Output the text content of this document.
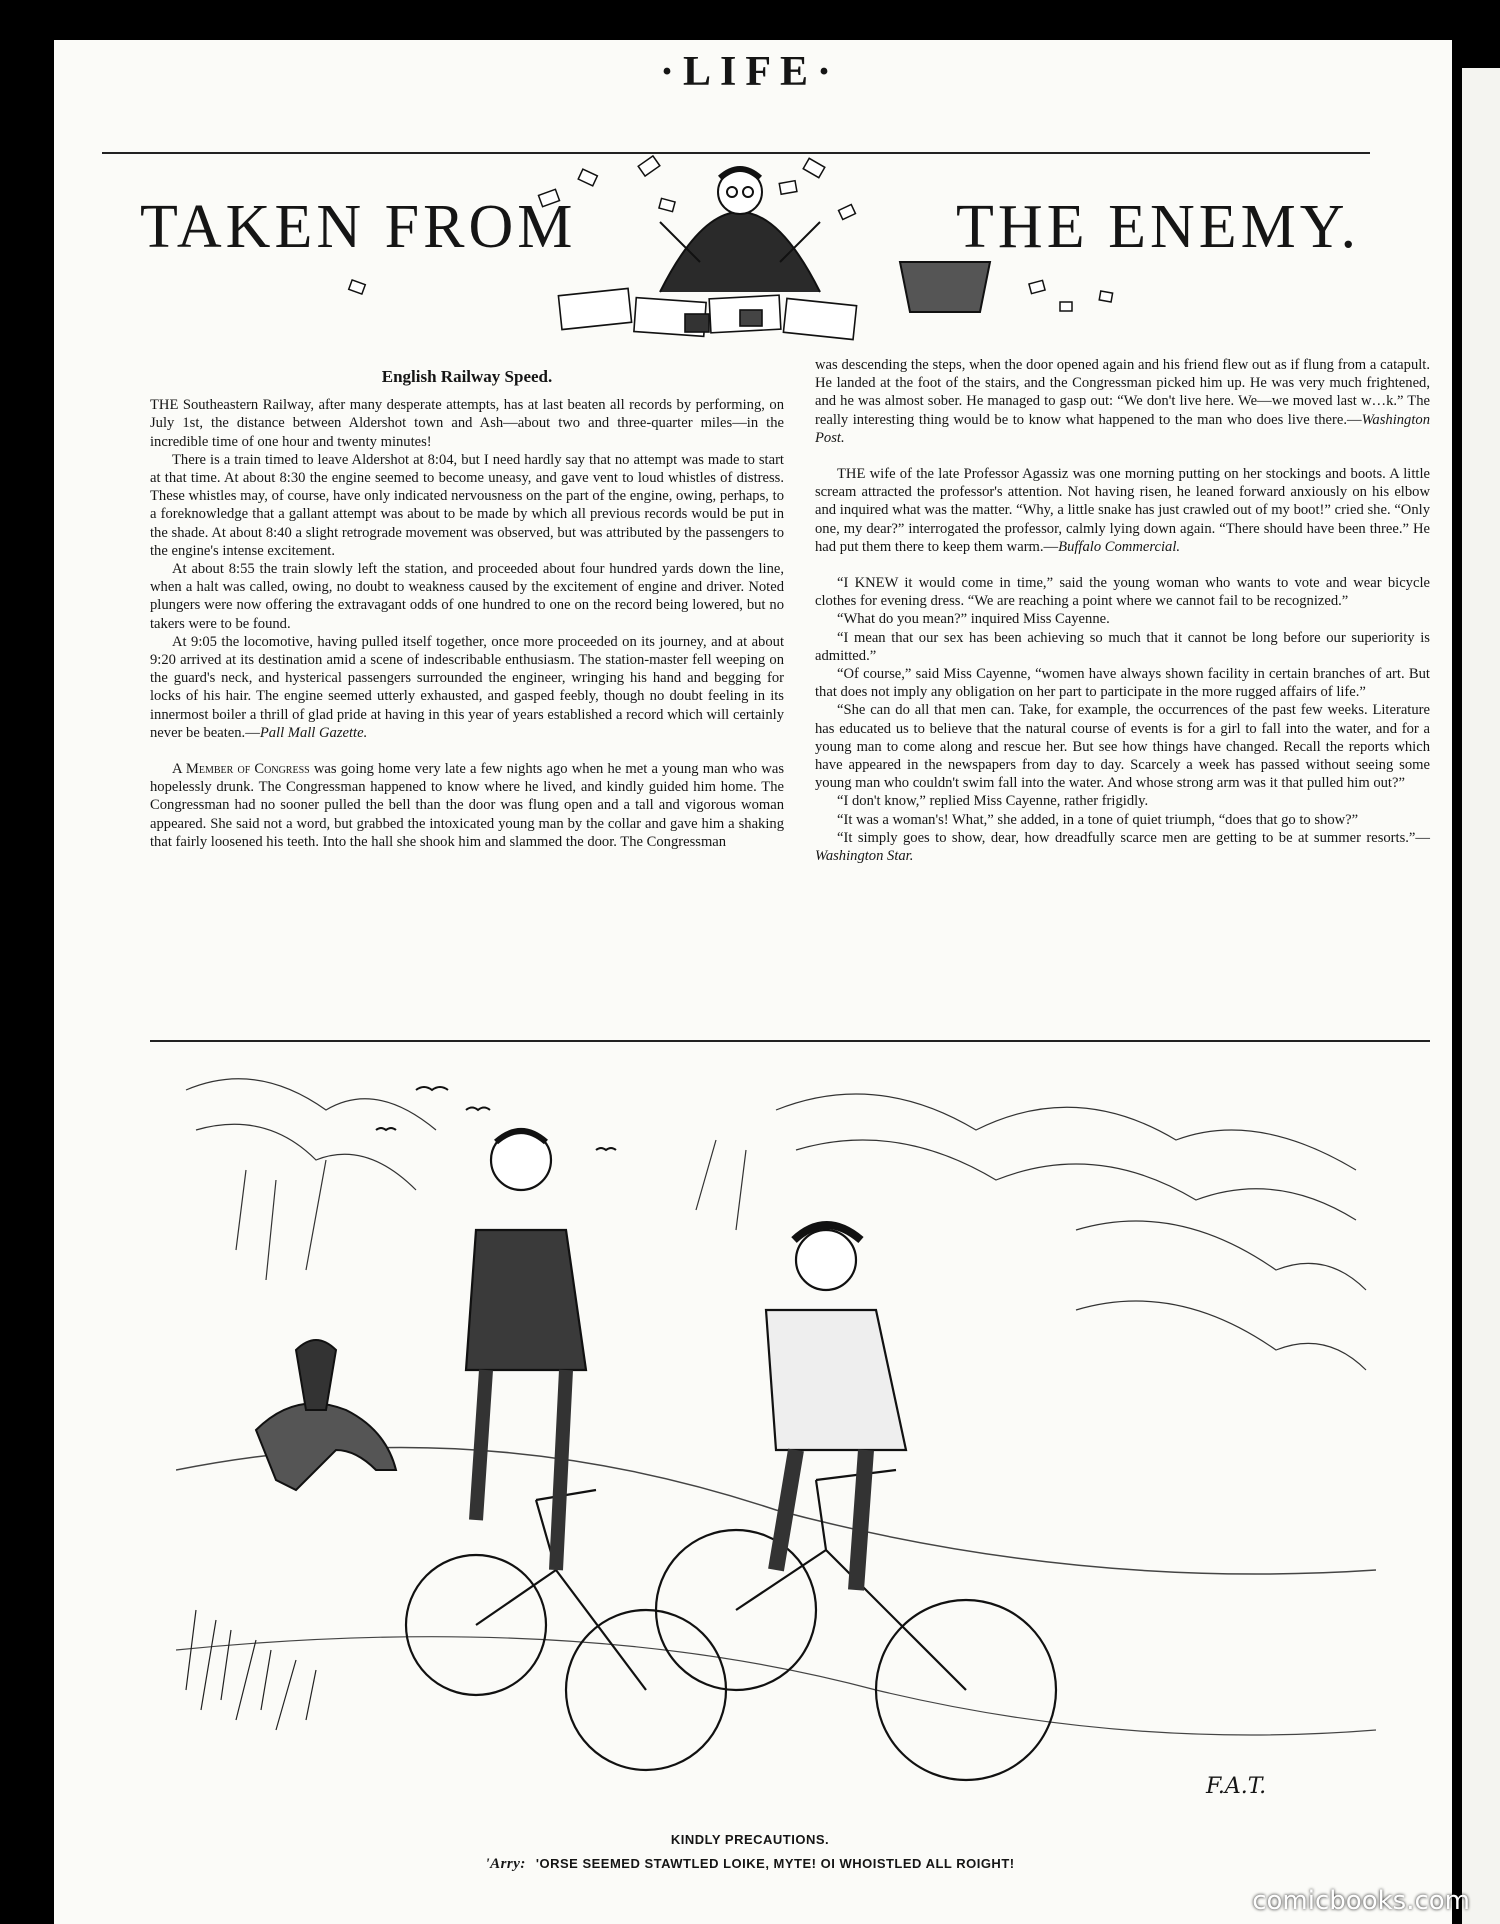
·LIFE·
TAKEN FROM	THE ENEMY.
English Railway Speed.

THE Southeastern Railway, after many desperate attempts, has at last beaten all records by performing, on July 1st, the distance between Aldershot town and Ash—about two and three-quarter miles—in the incredible time of one hour and twenty minutes!

There is a train timed to leave Aldershot at 8:04, but I need hardly say that no attempt was made to start at that time. At about 8:30 the engine seemed to become uneasy, and gave vent to loud whistles of distress. These whistles may, of course, have only indicated nervousness on the part of the engine, owing, perhaps, to a foreknowledge that a gallant attempt was about to be made by which all previous records would be put in the shade. At about 8:40 a slight retrograde movement was observed, but was attributed by the passengers to the engine's intense excitement.

At about 8:55 the train slowly left the station, and proceeded about four hundred yards down the line, when a halt was called, owing, no doubt to weakness caused by the excitement of engine and driver. Noted plungers were now offering the extravagant odds of one hundred to one on the record being lowered, but no takers were to be found.

At 9:05 the locomotive, having pulled itself together, once more proceeded on its journey, and at about 9:20 arrived at its destination amid a scene of indescribable enthusiasm. The station-master fell weeping on the guard's neck, and hysterical passengers surrounded the engineer, wringing his hand and begging for locks of his hair. The engine seemed utterly exhausted, and gasped feebly, though no doubt feeling in its innermost boiler a thrill of glad pride at having in this year of years established a record which will certainly never be beaten.—Pall Mall Gazette.

A Member of Congress was going home very late a few nights ago when he met a young man who was hopelessly drunk. The Congressman happened to know where he lived, and kindly guided him home. The Congressman had no sooner pulled the bell than the door was flung open and a tall and vigorous woman appeared. She said not a word, but grabbed the intoxicated young man by the collar and gave him a shaking that fairly loosened his teeth. Into the hall she shook him and slammed the door. The Congressman

was descending the steps, when the door opened again and his friend flew out as if flung from a catapult. He landed at the foot of the stairs, and the Congressman picked him up. He was very much frightened, and he was almost sober. He managed to gasp out: “We don't live here. We—we moved last w…k.” The really interesting thing would be to know what happened to the man who does live there.—Washington Post.

THE wife of the late Professor Agassiz was one morning putting on her stockings and boots. A little scream attracted the professor's attention. Not having risen, he leaned forward anxiously on his elbow and inquired what was the matter. “Why, a little snake has just crawled out of my boot!” cried she. “Only one, my dear?” interrogated the professor, calmly lying down again. “There should have been three.” He had put them there to keep them warm.—Buffalo Commercial.

“I KNEW it would come in time,” said the young woman who wants to vote and wear bicycle clothes for evening dress. “We are reaching a point where we cannot fail to be recognized.”

“What do you mean?” inquired Miss Cayenne.

“I mean that our sex has been achieving so much that it cannot be long before our superiority is admitted.”

“Of course,” said Miss Cayenne, “women have always shown facility in certain branches of art. But that does not imply any obligation on her part to participate in the more rugged affairs of life.”

“She can do all that men can. Take, for example, the occurrences of the past few weeks. Literature has educated us to believe that the natural course of events is for a girl to fall into the water, and for a young man to come along and rescue her. But see how things have changed. Recall the reports which have appeared in the newspapers from day to day. Scarcely a week has passed without seeing some young man who couldn't swim fall into the water. And whose strong arm was it that pulled him out?”

“I don't know,” replied Miss Cayenne, rather frigidly.

“It was a woman's! What,” she added, in a tone of quiet triumph, “does that go to show?”

“It simply goes to show, dear, how dreadfully scarce men are getting to be at summer resorts.”—Washington Star.

F.A.T.
KINDLY PRECAUTIONS.
'Arry: 'ORSE SEEMED STAWTLED LOIKE, MYTE! OI WHOISTLED ALL ROIGHT!
comicbooks.com
